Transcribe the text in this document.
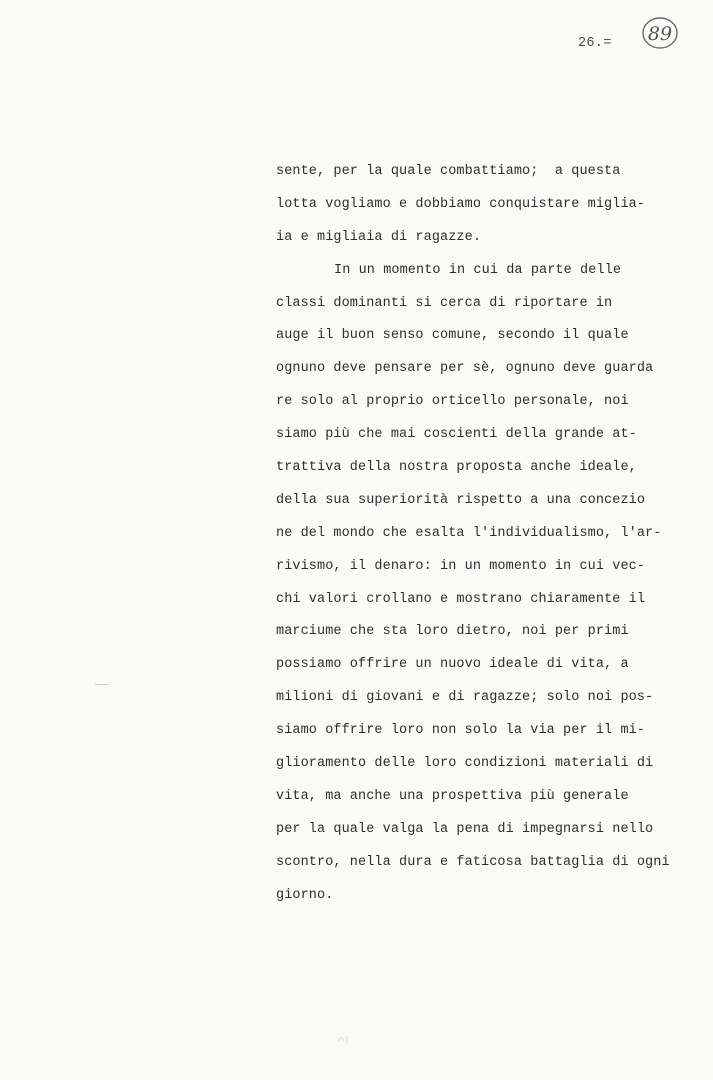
89
26.=
sente, per la quale combattiamo;  a questa
lotta vogliamo e dobbiamo conquistare miglia-
ia e migliaia di ragazze.
In un momento in cui da parte delle
classi dominanti si cerca di riportare in
auge il buon senso comune, secondo il quale
ognuno deve pensare per sè, ognuno deve guarda
re solo al proprio orticello personale, noi
siamo più che mai coscienti della grande at-
trattiva della nostra proposta anche ideale,
della sua superiorità rispetto a una concezio
ne del mondo che esalta l'individualismo, l'ar-
rivismo, il denaro: in un momento in cui vec-
chi valori crollano e mostrano chiaramente il
marciume che sta loro dietro, noi per primi
possiamo offrire un nuovo ideale di vita, a
milioni di giovani e di ragazze; solo noi pos-
siamo offrire loro non solo la via per il mi-
glioramento delle loro condizioni materiali di
vita, ma anche una prospettiva più generale
per la quale valga la pena di impegnarsi nello
scontro, nella dura e faticosa battaglia di ogni
giorno.
